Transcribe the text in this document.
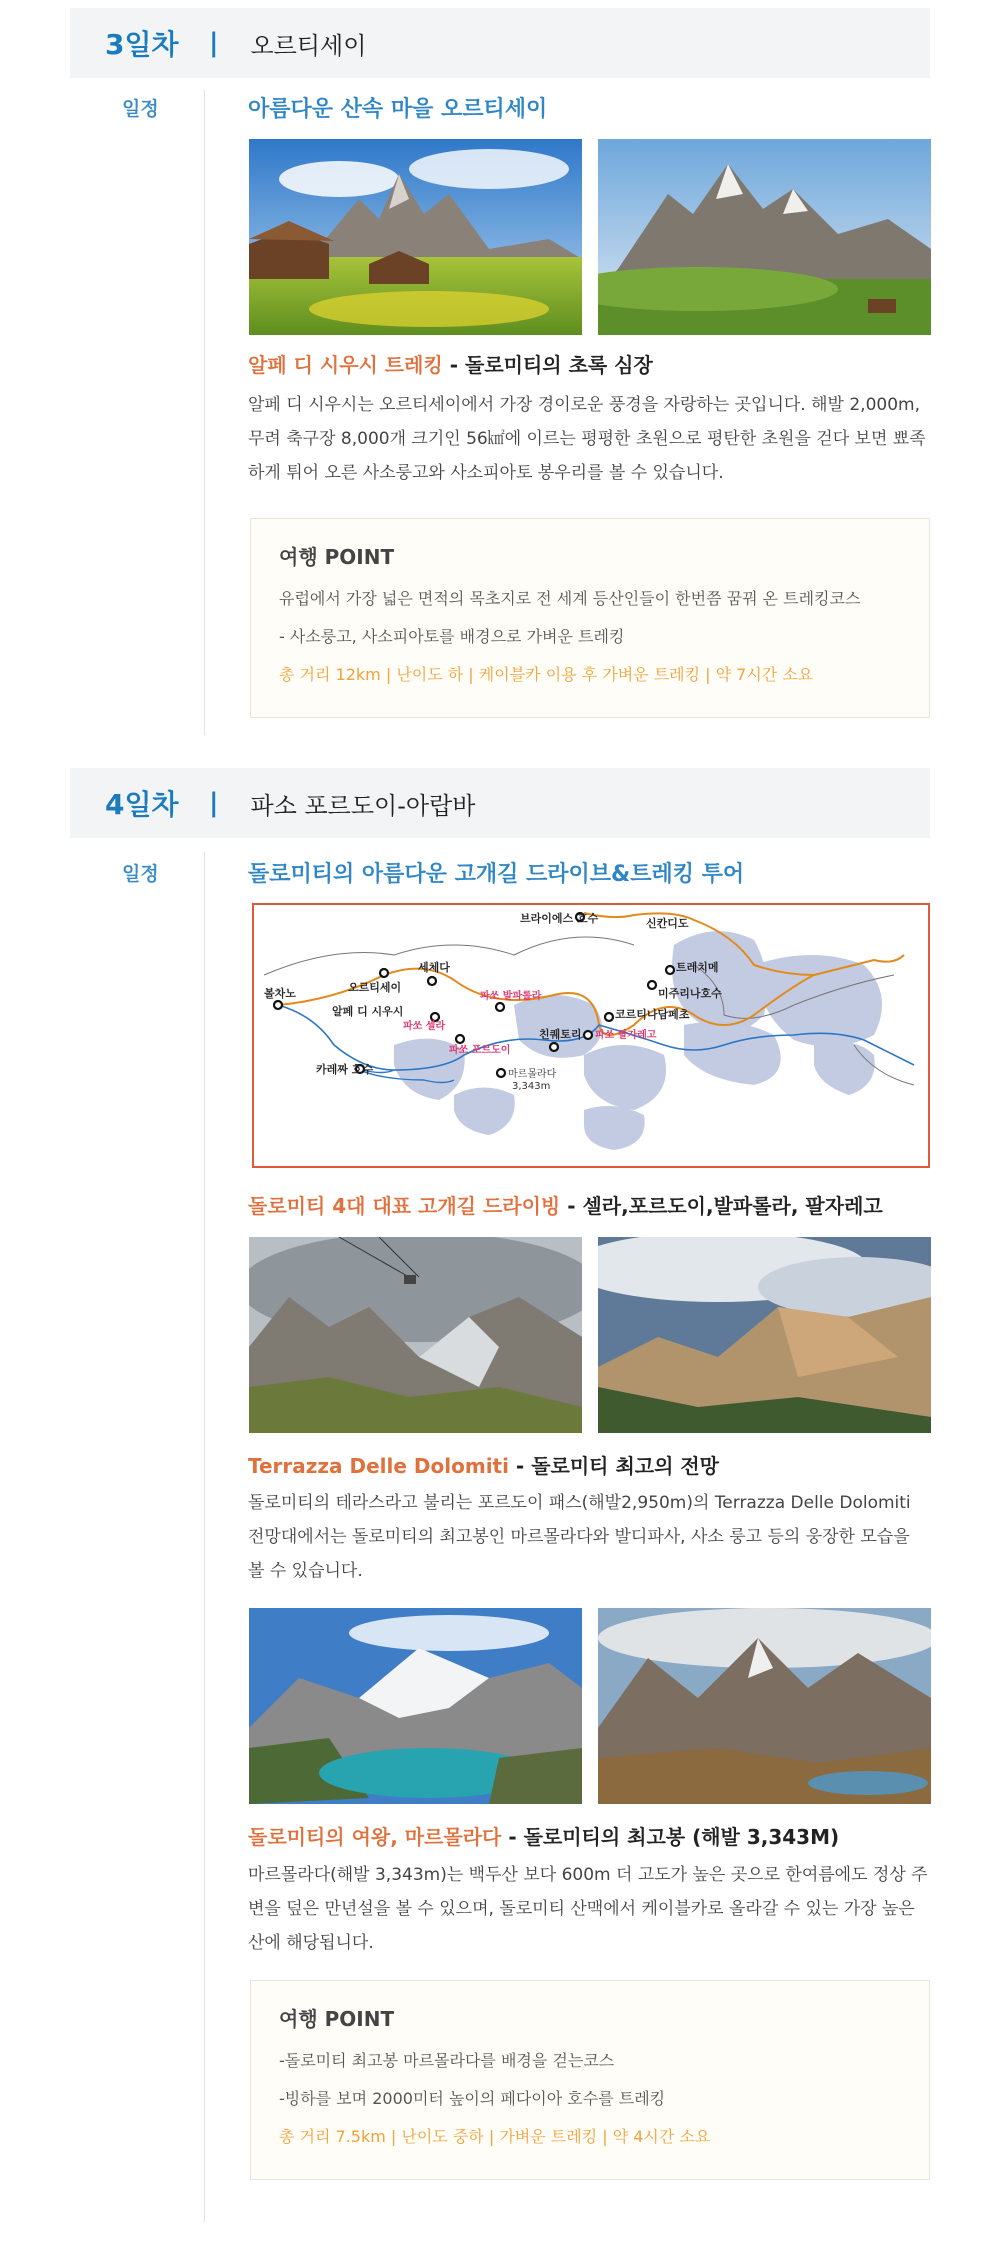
3일차 | 오르티세이
일정	아름다운 산속 마을 오르티세이
알페 디 시우시 트레킹 - 돌로미티의 초록 심장
알페 디 시우시는 오르티세이에서 가장 경이로운 풍경을 자랑하는 곳입니다. 해발 2,000m, 무려 축구장 8,000개 크기인 56㎢에 이르는 평평한 초원으로 평탄한 초원을 걷다 보면 뾰족하게 튀어 오른 사소룽고와 사소피아토 봉우리를 볼 수 있습니다.
여행 POINT
유럽에서 가장 넓은 면적의 목초지로 전 세계 등산인들이 한번쯤 꿈꿔 온 트레킹코스
- 사소룽고, 사소피아토를 배경으로 가벼운 트레킹
총 거리 12km | 난이도 하 | 케이블카 이용 후 가벼운 트레킹 | 약 7시간 소요
4일차 | 파소 포르도이-아랍바
일정	돌로미티의 아름다운 고개길 드라이브&트레킹 투어
브라이에스 호수	신칸디도
트레치메
미주리나호수
코르티나담페초
파쏘 팔자레고
친퀘토리
마르몰라다
3,343m
파쏘 포르도이
파쏘 셀라
파쏘 발파롤라
세체다
오르티세이
알페 디 시우시
볼차노
카레짜 호수
돌로미티 4대 대표 고개길 드라이빙 - 셀라,포르도이,발파롤라, 팔자레고
Terrazza Delle Dolomiti - 돌로미티 최고의 전망
돌로미티의 테라스라고 불리는 포르도이 패스(해발2,950m)의 Terrazza Delle Dolomiti 전망대에서는 돌로미티의 최고봉인 마르몰라다와 발디파사, 사소 룽고 등의 웅장한 모습을 볼 수 있습니다.
돌로미티의 여왕, 마르몰라다 - 돌로미티의 최고봉 (해발 3,343M)
마르몰라다(해발 3,343m)는 백두산 보다 600m 더 고도가 높은 곳으로 한여름에도 정상 주변을 덮은 만년설을 볼 수 있으며, 돌로미티 산맥에서 케이블카로 올라갈 수 있는 가장 높은 산에 해당됩니다.
여행 POINT
-돌로미티 최고봉 마르몰라다를 배경을 걷는코스
-빙하를 보며 2000미터 높이의 페다이아 호수를 트레킹
총 거리 7.5km | 난이도 중하 | 가벼운 트레킹 | 약 4시간 소요
